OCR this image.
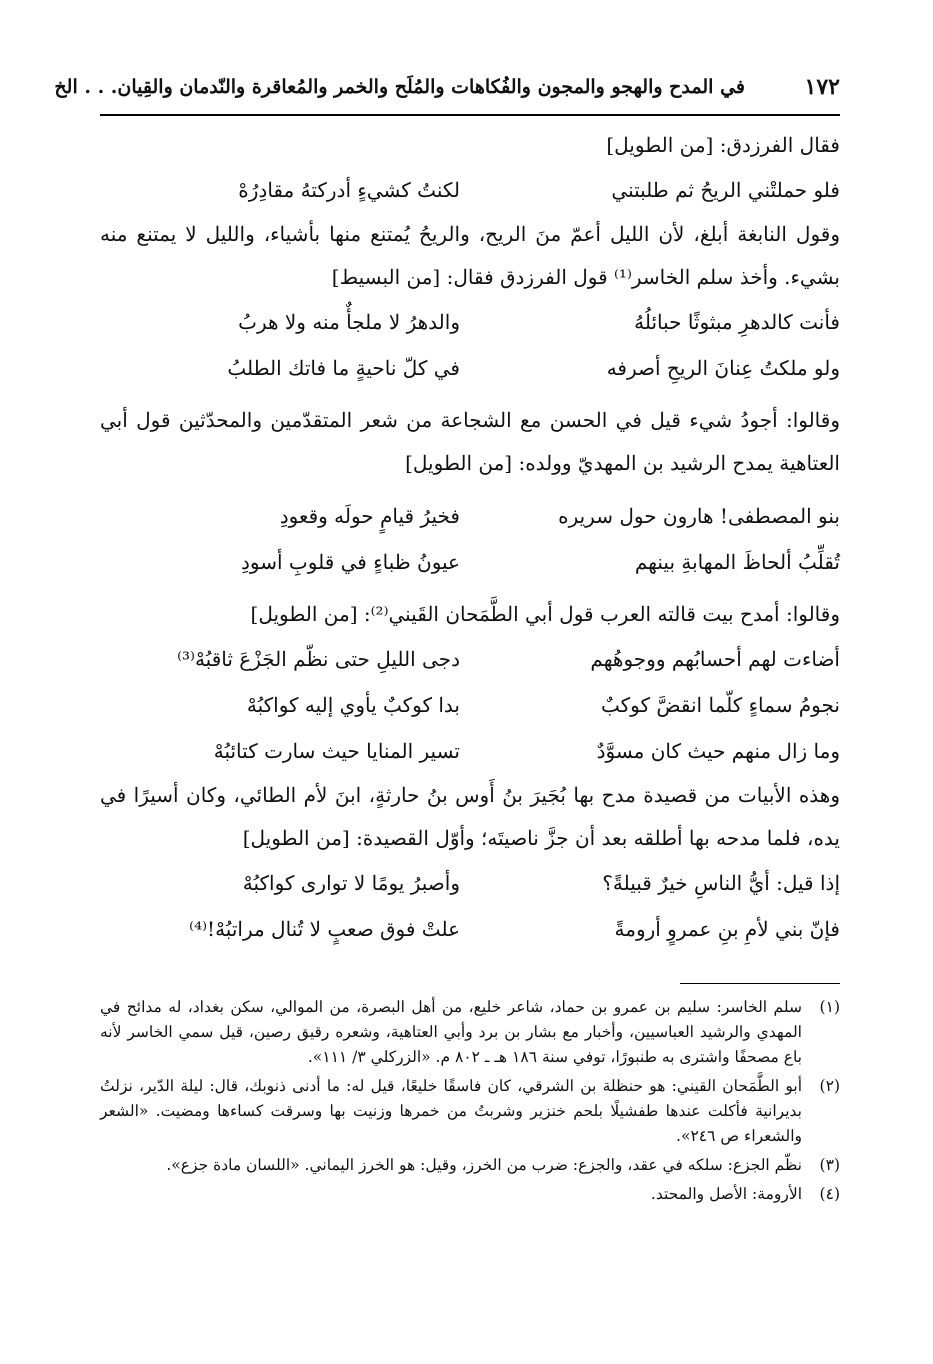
١٧٢
في المدح والهجو والمجون والفُكاهات والمُلَح والخمر والمُعاقرة والنّدمان والقِيان. . . الخ

فقال الفرزدق: [من الطويل]

فلو حملتْني الريحُ ثم طلبتني
لكنتُ كشيءٍ أدركتهُ مقادِرُهْ

وقول النابغة أبلغ، لأن الليل أعمّ منَ الريح، والريحُ يُمتنع منها بأشياء، والليل لا يمتنع منه بشيء. وأخذ سلم الخاسر⁽¹⁾ قول الفرزدق فقال: [من البسيط]

فأنت كالدهرِ مبثوثًا حبائلُهُ
والدهرُ لا ملجأٌ منه ولا هربُ
ولو ملكتُ عِنانَ الريحِ أصرفه
في كلّ ناحيةٍ ما فاتك الطلبُ

وقالوا: أجودُ شيء قيل في الحسن مع الشجاعة من شعر المتقدّمين والمحدّثين قول أبي العتاهية يمدح الرشيد بن المهديّ وولده: [من الطويل]

بنو المصطفى! هارون حول سريره
فخيرُ قيامٍ حولَه وقعودِ
تُقلِّبُ ألحاظَ المهابةِ بينهم
عيونُ ظباءٍ في قلوبِ أسودِ

وقالوا: أمدح بيت قالته العرب قول أبي الطَّمَحان القَيني⁽²⁾: [من الطويل]

أضاءت لهم أحسابُهم ووجوهُهم
دجى الليلِ حتى نظّم الجَزْعَ ثاقبُهْ⁽³⁾
نجومُ سماءٍ كلّما انقضَّ كوكبٌ
بدا كوكبٌ يأوي إليه كواكبُهْ
وما زال منهم حيث كان مسوَّدٌ
تسير المنايا حيث سارت كتائبُهْ

وهذه الأبيات من قصيدة مدح بها بُجَيرَ بنُ أَوس بنُ حارثةٍ، ابنَ لأم الطائي، وكان أسيرًا في يده، فلما مدحه بها أطلقه بعد أن جزَّ ناصيتَه؛ وأوّل القصيدة: [من الطويل]

إذا قيل: أيُّ الناسِ خيرٌ قبيلةً؟
وأصبرُ يومًا لا توارى كواكبُهْ
فإنّ بني لأمِ بنِ عمروٍ أرومةً
علتْ فوق صعبٍ لا تُنال مراتبُهْ!⁽⁴⁾
(١)
سلم الخاسر: سليم بن عمرو بن حماد، شاعر خليع، من أهل البصرة، من الموالي، سكن بغداد، له مدائح في المهدي والرشيد العباسيين، وأخبار مع بشار بن برد وأبي العتاهية، وشعره رقيق رصين، قيل سمي الخاسر لأنه باع مصحفًا واشترى به طنبورًا، توفي سنة ١٨٦ هـ ـ ٨٠٢ م. «الزركلي ٣/ ١١١».
(٢)
أبو الطَّمَحان القيني: هو حنظلة بن الشرقي، كان فاسقًا خليعًا، قيل له: ما أدنى ذنوبك، قال: ليلة الدّير، نزلتُ بديرانية فأكلت عندها طفشيلًا بلحم خنزير وشربتُ من خمرها وزنيت بها وسرقت كساءها ومضيت. «الشعر والشعراء ص ٢٤٦».
(٣)
نظّم الجزع: سلكه في عقد، والجزع: ضرب من الخرز، وقيل: هو الخرز اليماني. «اللسان مادة جزع».
(٤)
الأرومة: الأصل والمحتد.
